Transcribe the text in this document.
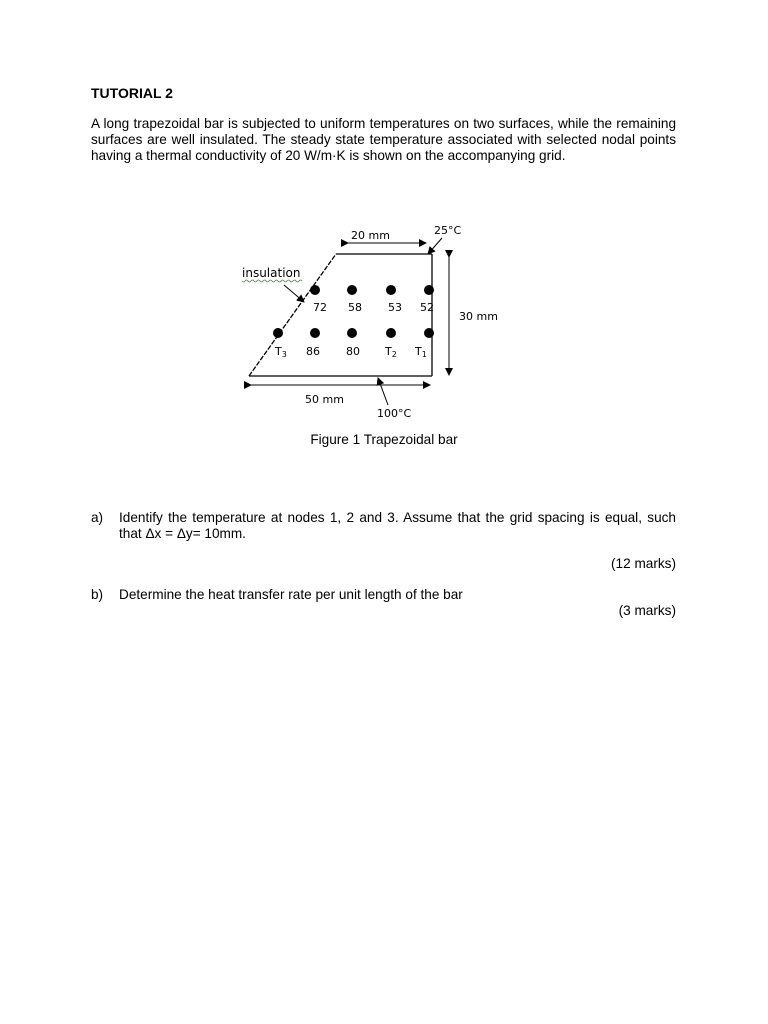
TUTORIAL 2

A long trapezoidal bar is subjected to uniform temperatures on two surfaces, while the remaining surfaces are well insulated. The steady state temperature associated with selected nodal points having a thermal conductivity of 20 W/m·K is shown on the accompanying grid.

20 mm	25°C
30 mm
insulation
72 58 53 52
T3 86 80 T2 T1
50 mm
100°C

Figure 1 Trapezoidal bar

a) Identify the temperature at nodes 1, 2 and 3. Assume that the grid spacing is equal, such that Δx = Δy= 10mm.
(12 marks)
b) Determine the heat transfer rate per unit length of the bar
(3 marks)
